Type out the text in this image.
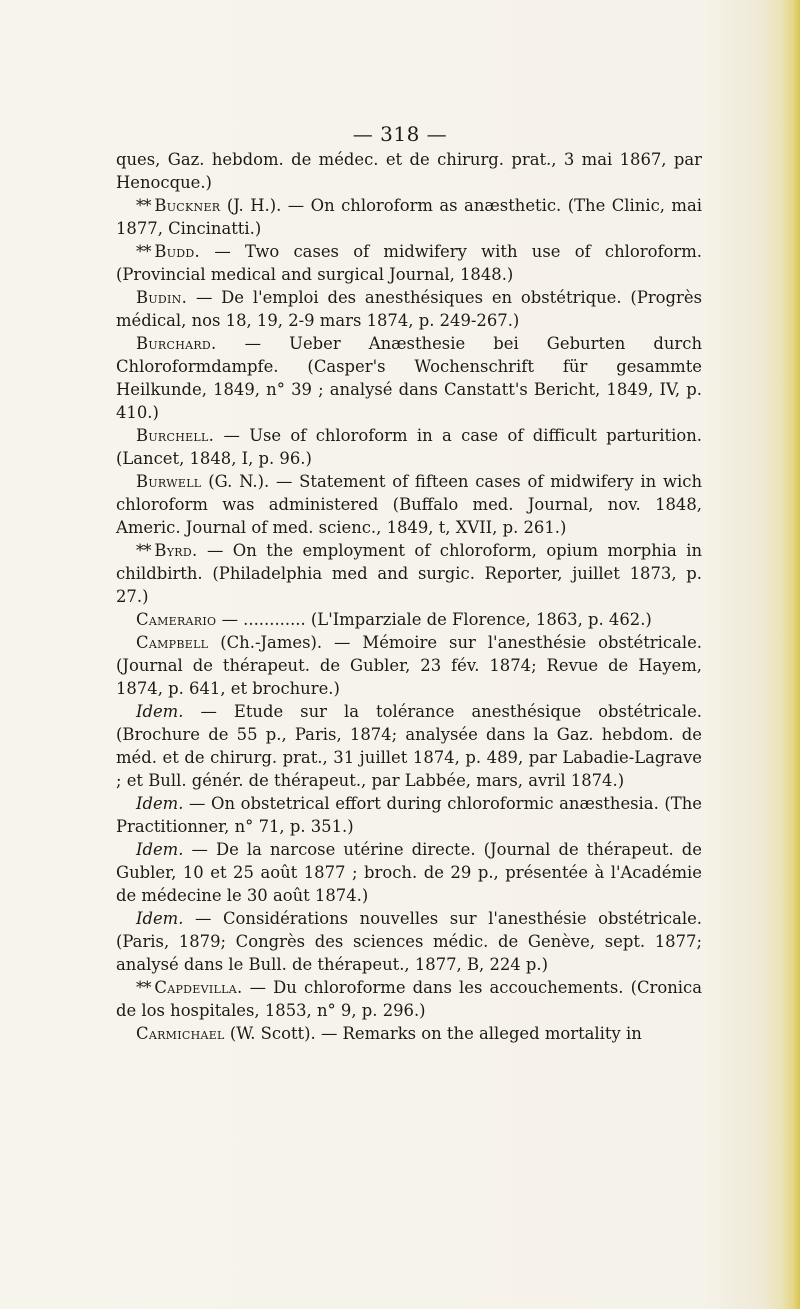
— 318 —

ques, Gaz. hebdom. de médec. et de chirurg. prat., 3 mai 1867, par Henocque.)

** Buckner (J. H.). — On chloroform as anæsthetic. (The Clinic, mai 1877, Cincinatti.)

** Budd. — Two cases of midwifery with use of chloroform. (Provincial medical and surgical Journal, 1848.)

Budin. — De l'emploi des anesthésiques en obstétrique. (Progrès médical, nos 18, 19, 2-9 mars 1874, p. 249-267.)

Burchard. — Ueber Anæsthesie bei Geburten durch Chloroformdampfe. (Casper's Wochenschrift für gesammte Heilkunde, 1849, n° 39 ; analysé dans Canstatt's Bericht, 1849, IV, p. 410.)

Burchell. — Use of chloroform in a case of difficult parturition. (Lancet, 1848, I, p. 96.)

Burwell (G. N.). — Statement of fifteen cases of midwifery in wich chloroform was administered (Buffalo med. Journal, nov. 1848, Americ. Journal of med. scienc., 1849, t, XVII, p. 261.)

** Byrd. — On the employment of chloroform, opium morphia in childbirth. (Philadelphia med and surgic. Reporter, juillet 1873, p. 27.)

Camerario — ............ (L'Imparziale de Florence, 1863, p. 462.)

Campbell (Ch.-James). — Mémoire sur l'anesthésie obstétricale. (Journal de thérapeut. de Gubler, 23 fév. 1874; Revue de Hayem, 1874, p. 641, et brochure.)

Idem. — Etude sur la tolérance anesthésique obstétricale. (Brochure de 55 p., Paris, 1874; analysée dans la Gaz. hebdom. de méd. et de chirurg. prat., 31 juillet 1874, p. 489, par Labadie-Lagrave ; et Bull. génér. de thérapeut., par Labbée, mars, avril 1874.)

Idem. — On obstetrical effort during chloroformic anæsthesia. (The Practitionner, n° 71, p. 351.)

Idem. — De la narcose utérine directe. (Journal de thérapeut. de Gubler, 10 et 25 août 1877 ; broch. de 29 p., présentée à l'Académie de médecine le 30 août 1874.)

Idem. — Considérations nouvelles sur l'anesthésie obstétricale. (Paris, 1879; Congrès des sciences médic. de Genève, sept. 1877; analysé dans le Bull. de thérapeut., 1877, B, 224 p.)

** Capdevilla. — Du chloroforme dans les accouchements. (Cronica de los hospitales, 1853, n° 9, p. 296.)

Carmichael (W. Scott). — Remarks on the alleged mortality in
